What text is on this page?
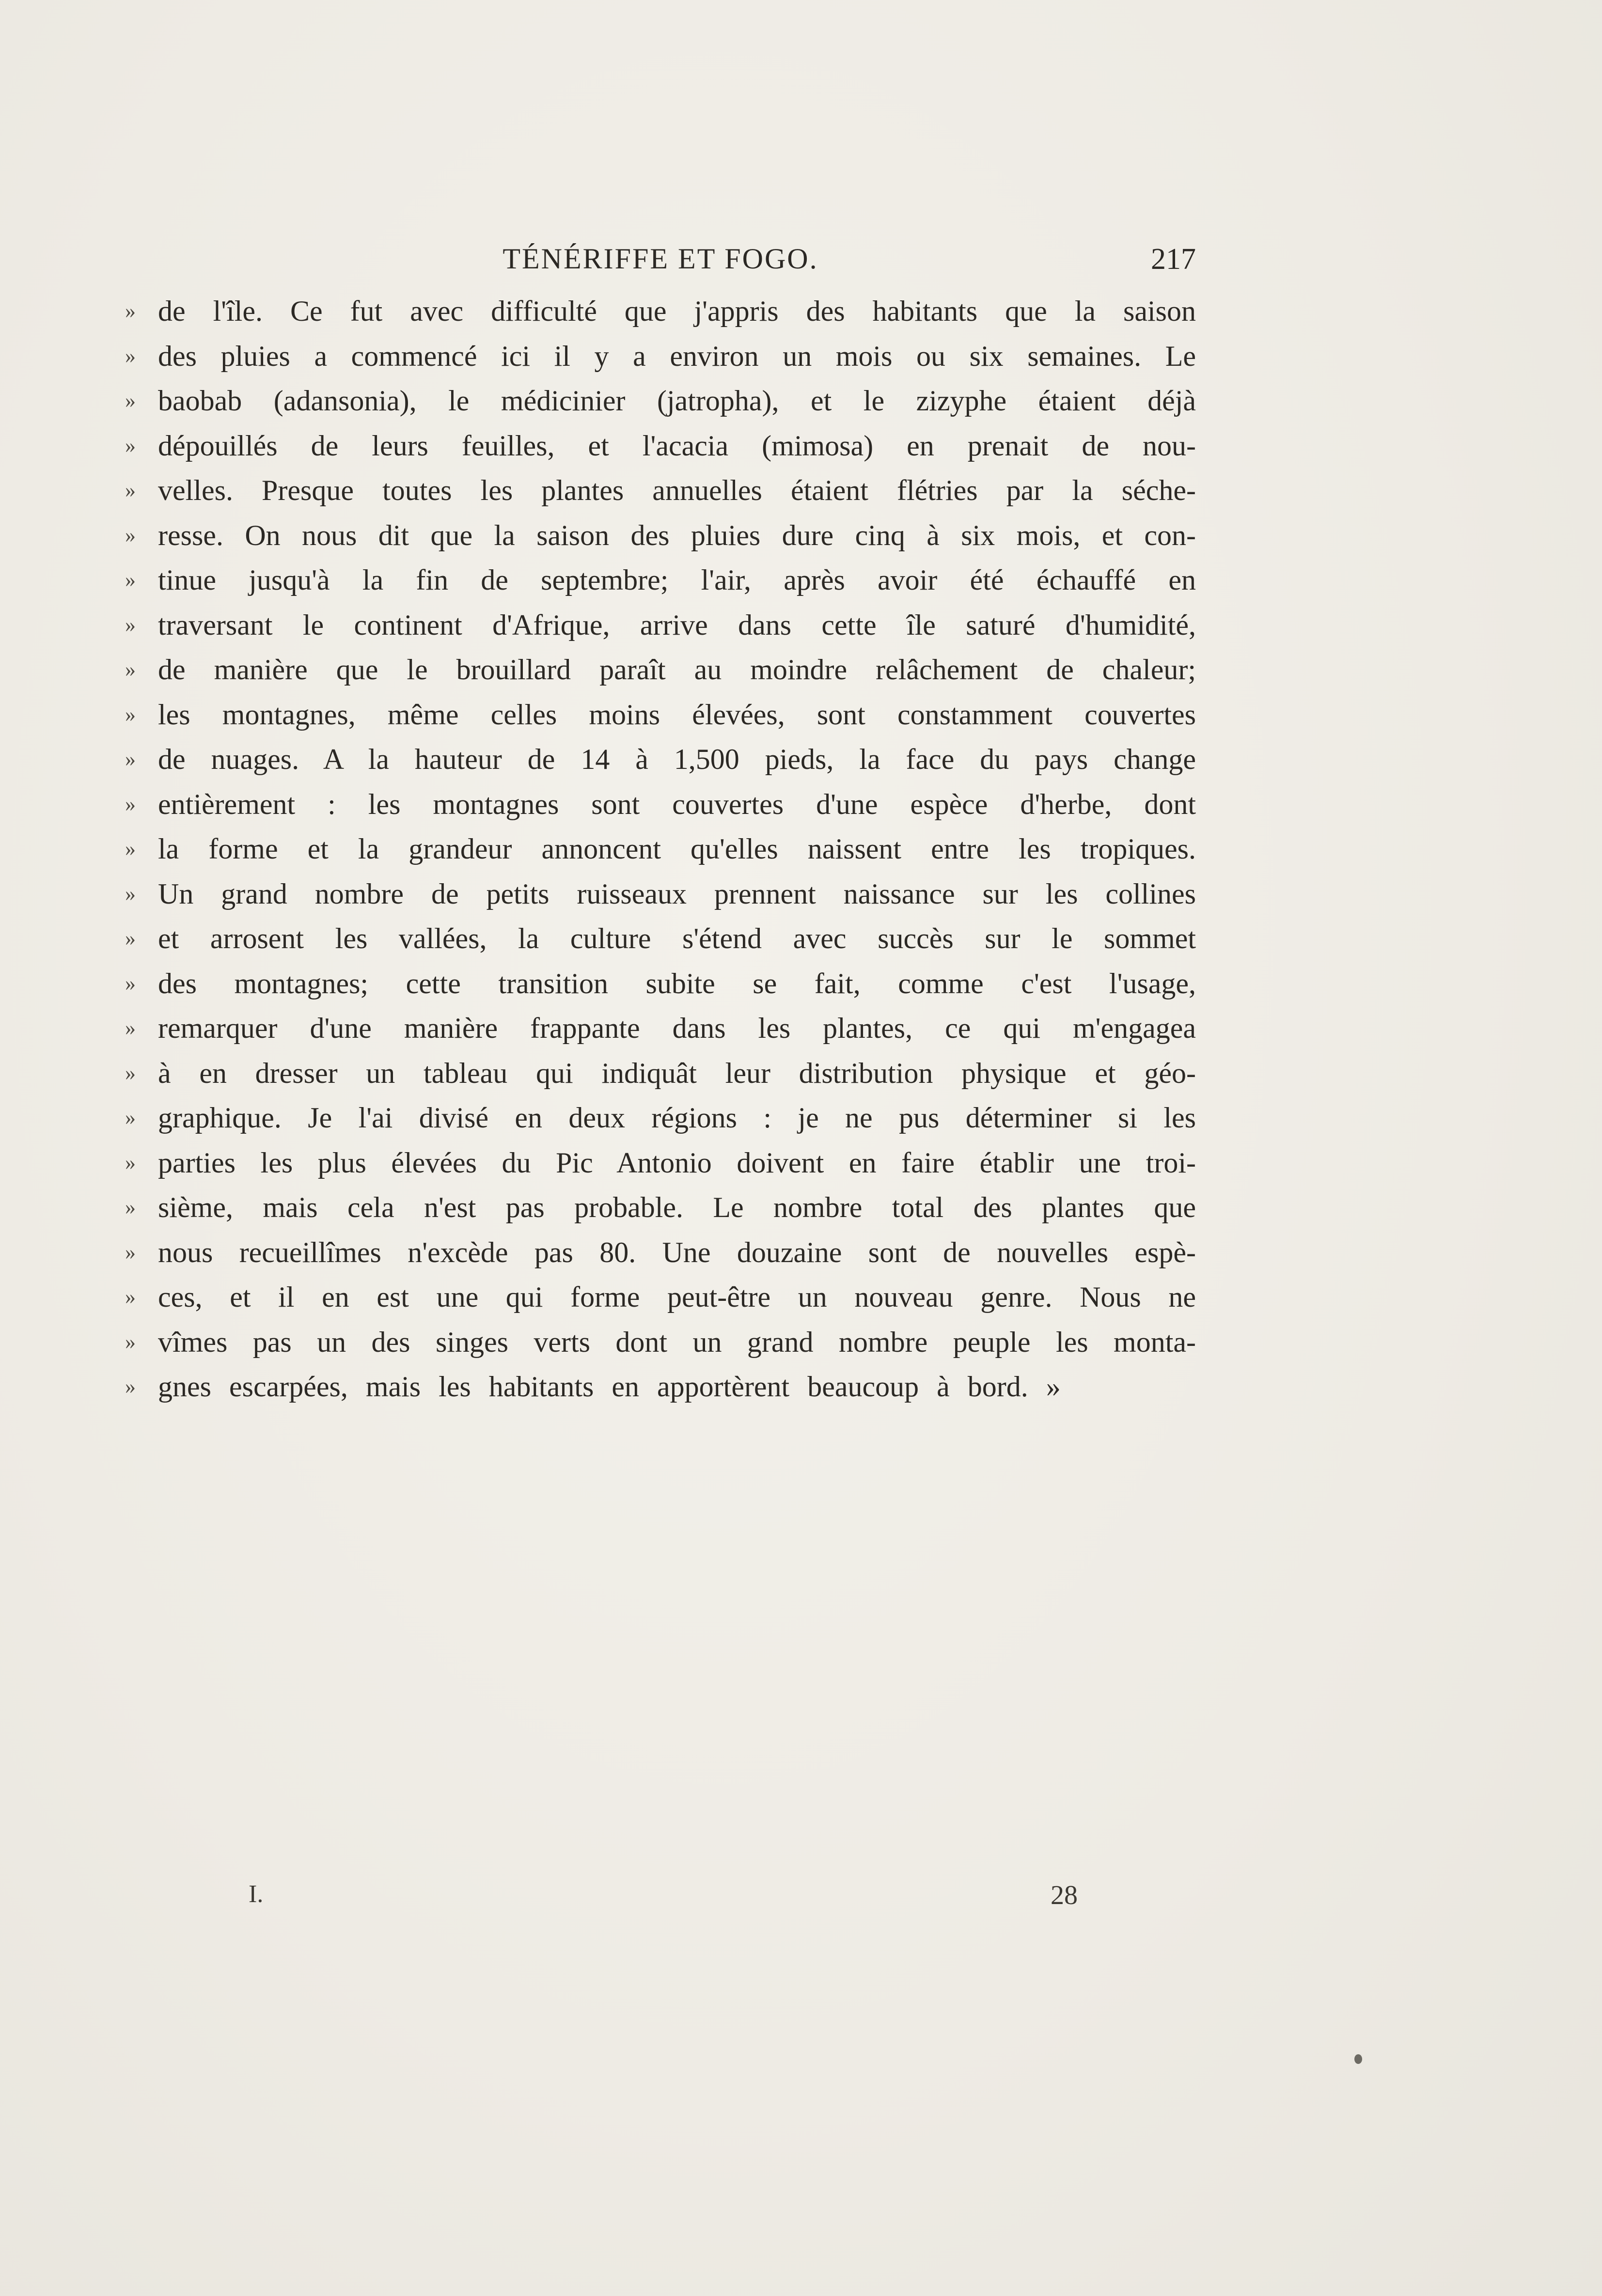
TÉNÉRIFFE ET FOGO.	217
» de l'île. Ce fut avec difficulté que j'appris des habitants que la saison
» des pluies a commencé ici il y a environ un mois ou six semaines. Le
» baobab (adansonia), le médicinier (jatropha), et le zizyphe étaient déjà
» dépouillés de leurs feuilles, et l'acacia (mimosa) en prenait de nou-
» velles. Presque toutes les plantes annuelles étaient flétries par la séche-
» resse. On nous dit que la saison des pluies dure cinq à six mois, et con-
» tinue jusqu'à la fin de septembre; l'air, après avoir été échauffé en
» traversant le continent d'Afrique, arrive dans cette île saturé d'humidité,
» de manière que le brouillard paraît au moindre relâchement de chaleur;
» les montagnes, même celles moins élevées, sont constamment couvertes
» de nuages. A la hauteur de 14 à 1,500 pieds, la face du pays change
» entièrement : les montagnes sont couvertes d'une espèce d'herbe, dont
» la forme et la grandeur annoncent qu'elles naissent entre les tropiques.
» Un grand nombre de petits ruisseaux prennent naissance sur les collines
» et arrosent les vallées, la culture s'étend avec succès sur le sommet
» des montagnes; cette transition subite se fait, comme c'est l'usage,
» remarquer d'une manière frappante dans les plantes, ce qui m'engagea
» à en dresser un tableau qui indiquât leur distribution physique et géo-
» graphique. Je l'ai divisé en deux régions : je ne pus déterminer si les
» parties les plus élevées du Pic Antonio doivent en faire établir une troi-
» sième, mais cela n'est pas probable. Le nombre total des plantes que
» nous recueillîmes n'excède pas 80. Une douzaine sont de nouvelles espè-
» ces, et il en est une qui forme peut-être un nouveau genre. Nous ne
» vîmes pas un des singes verts dont un grand nombre peuple les monta-
» gnes escarpées, mais les habitants en apportèrent beaucoup à bord. »
I.	28
